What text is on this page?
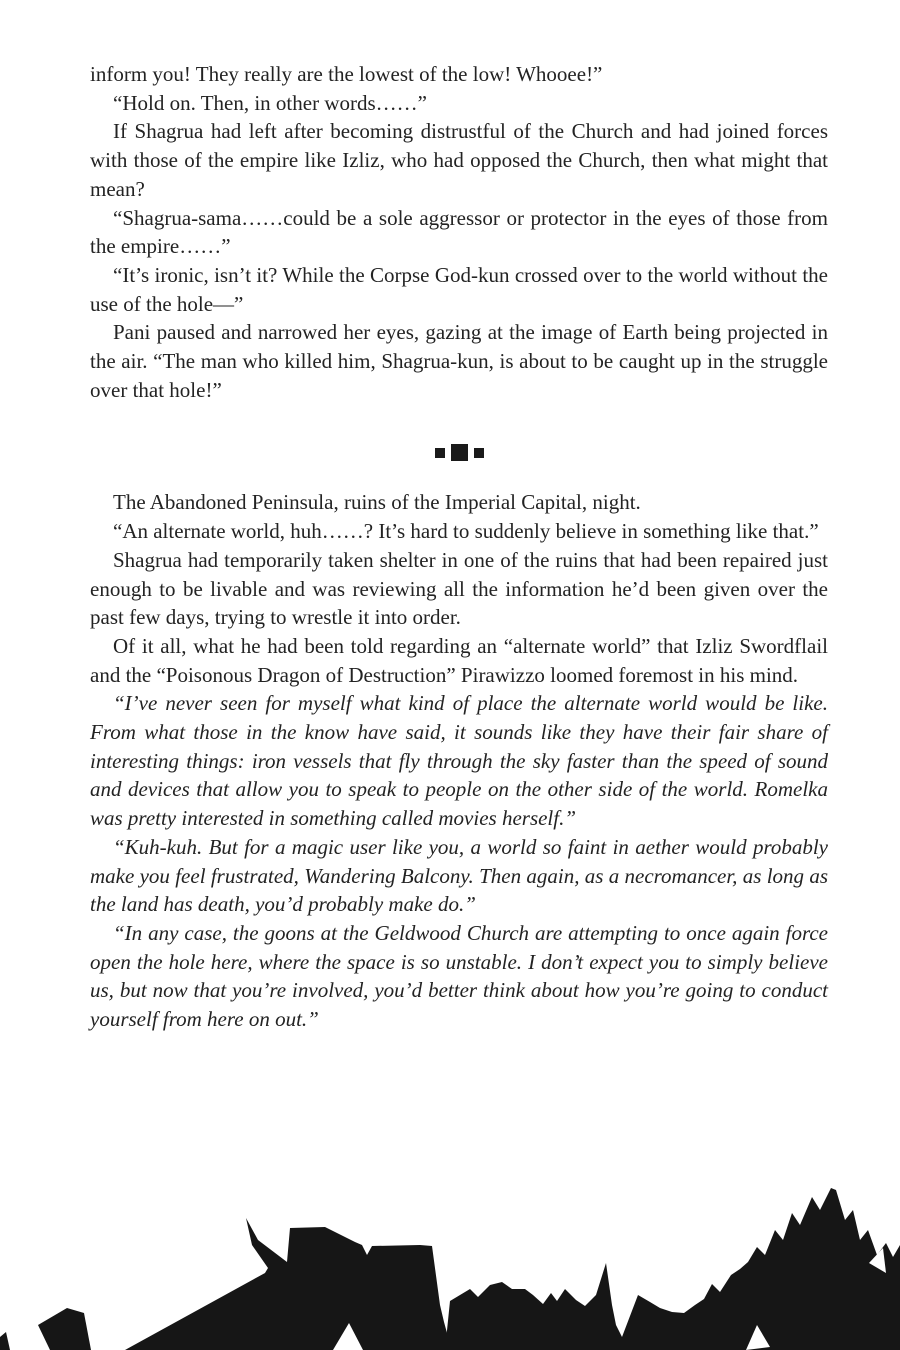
inform you! They really are the lowest of the low! Whooee!”

“Hold on. Then, in other words……”

If Shagrua had left after becoming distrustful of the Church and had joined forces with those of the empire like Izliz, who had opposed the Church, then what might that mean?

“Shagrua-sama……could be a sole aggressor or protector in the eyes of those from the empire……”

“It’s ironic, isn’t it? While the Corpse God-kun crossed over to the world without the use of the hole—”

Pani paused and narrowed her eyes, gazing at the image of Earth being projected in the air. “The man who killed him, Shagrua-kun, is about to be caught up in the struggle over that hole!”

The Abandoned Peninsula, ruins of the Imperial Capital, night.

“An alternate world, huh……? It’s hard to suddenly believe in something like that.”

Shagrua had temporarily taken shelter in one of the ruins that had been repaired just enough to be livable and was reviewing all the information he’d been given over the past few days, trying to wrestle it into order.

Of it all, what he had been told regarding an “alternate world” that Izliz Swordflail and the “Poisonous Dragon of Destruction” Pirawizzo loomed foremost in his mind.

“I’ve never seen for myself what kind of place the alternate world would be like. From what those in the know have said, it sounds like they have their fair share of interesting things: iron vessels that fly through the sky faster than the speed of sound and devices that allow you to speak to people on the other side of the world. Romelka was pretty interested in something called movies herself.”

“Kuh-kuh. But for a magic user like you, a world so faint in aether would probably make you feel frustrated, Wandering Balcony. Then again, as a necromancer, as long as the land has death, you’d probably make do.”

“In any case, the goons at the Geldwood Church are attempting to once again force open the hole here, where the space is so unstable. I don’t expect you to simply believe us, but now that you’re involved, you’d better think about how you’re going to conduct yourself from here on out.”
